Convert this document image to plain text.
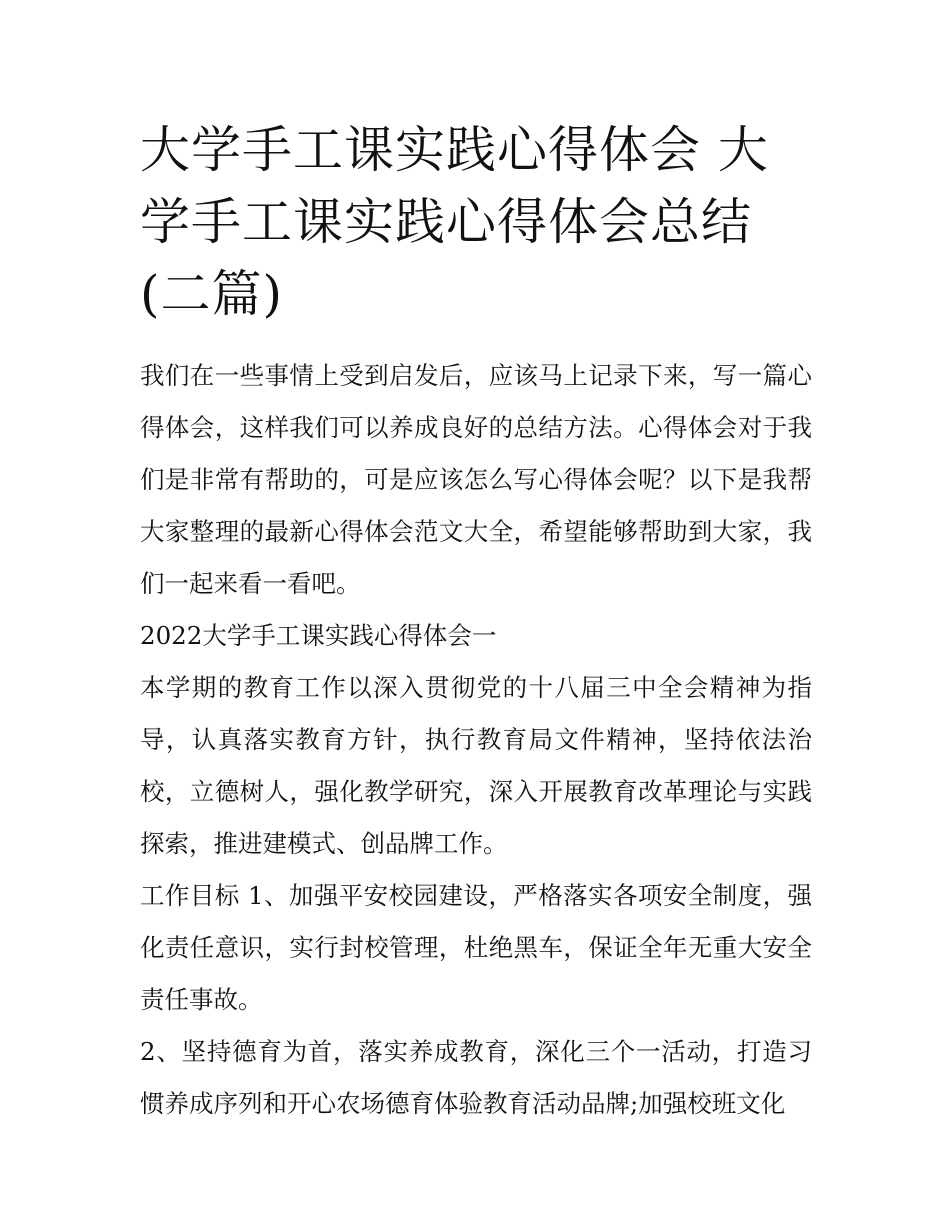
大学手工课实践心得体会 大学手工课实践心得体会总结(二篇)

我们在一些事情上受到启发后，应该马上记录下来，写一篇心得体会，这样我们可以养成良好的总结方法。心得体会对于我们是非常有帮助的，可是应该怎么写心得体会呢？以下是我帮大家整理的最新心得体会范文大全，希望能够帮助到大家，我们一起来看一看吧。

2022大学手工课实践心得体会一

本学期的教育工作以深入贯彻党的十八届三中全会精神为指导，认真落实教育方针，执行教育局文件精神，坚持依法治校，立德树人，强化教学研究，深入开展教育改革理论与实践探索，推进建模式、创品牌工作。

工作目标 1、加强平安校园建设，严格落实各项安全制度，强化责任意识，实行封校管理，杜绝黑车，保证全年无重大安全责任事故。

2、坚持德育为首，落实养成教育，深化三个一活动，打造习惯养成序列和开心农场德育体验教育活动品牌;加强校班文化
